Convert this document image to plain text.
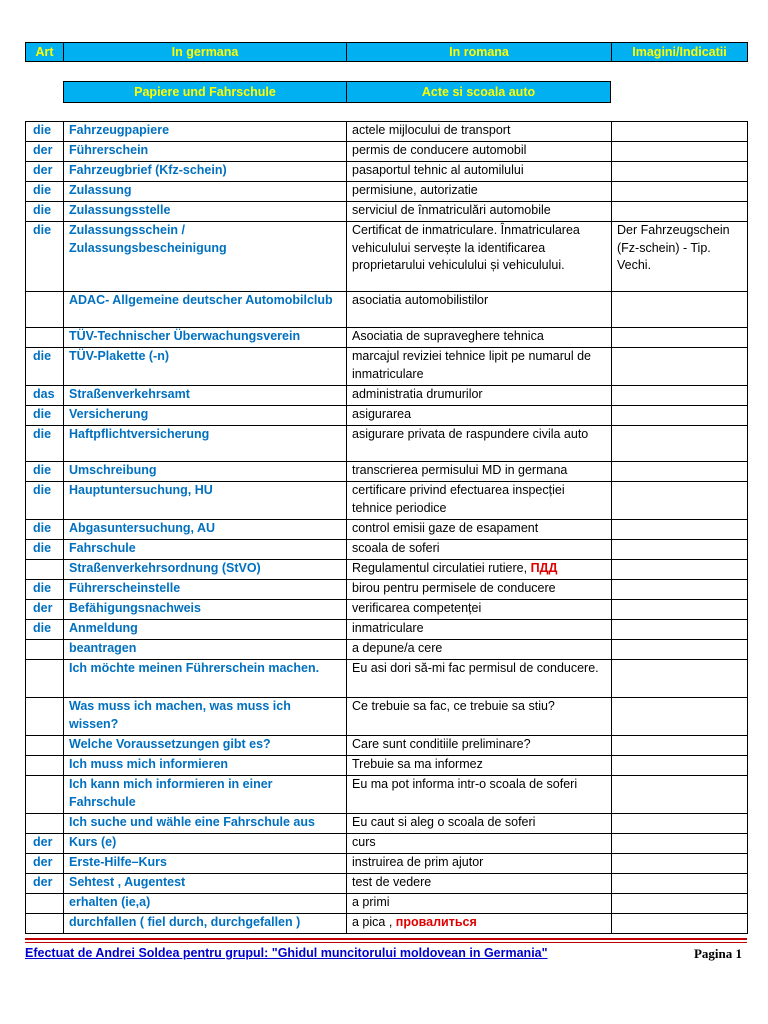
Art	In germana	In romana	Imagini/Indicatii
Papiere und Fahrschule	Acte si scoala auto
die	Fahrzeugpapiere	actele mijlocului de transport	
der	Führerschein	permis de conducere automobil	
der	Fahrzeugbrief (Kfz-schein)	pasaportul tehnic al automilului	
die	Zulassung	permisiune, autorizatie	
die	Zulassungsstelle	serviciul de înmatriculări automobile	
die	Zulassungsschein / Zulassungsbescheinigung	Certificat de inmatriculare. Înmatricularea vehiculului servește la identificarea proprietarului vehiculului și vehiculului.	Der Fahrzeugschein (Fz-schein) - Tip. Vechi.
	ADAC- Allgemeine deutscher Automobilclub	asociatia automobilistilor	
	TÜV-Technischer Überwachungsverein	Asociatia de supraveghere tehnica	
die	TÜV-Plakette (-n)	marcajul reviziei tehnice lipit pe numarul de inmatriculare	
das	Straßenverkehrsamt	administratia drumurilor	
die	Versicherung	asigurarea	
die	Haftpflichtversicherung	asigurare privata de raspundere civila auto	
die	Umschreibung	transcrierea permisului MD in germana	
die	Hauptuntersuchung, HU	certificare privind efectuarea inspecției tehnice periodice	
die	Abgasuntersuchung, AU	control emisii gaze de esapament	
die	Fahrschule	scoala de soferi	
	Straßenverkehrsordnung (StVO)	Regulamentul circulatiei rutiere, ПДД	
die	Führerscheinstelle	birou pentru permisele de conducere	
der	Befähigungsnachweis	verificarea competenței	
die	Anmeldung	inmatriculare	
	beantragen	a depune/a cere	
	Ich möchte meinen Führerschein machen.	Eu asi dori să-mi fac permisul de conducere.	
	Was muss ich machen, was muss ich wissen?	Ce trebuie sa fac, ce trebuie sa stiu?	
	Welche Voraussetzungen gibt es?	Care sunt conditiile preliminare?	
	Ich muss mich informieren	Trebuie sa ma informez	
	Ich kann mich informieren in einer Fahrschule	Eu ma pot informa intr-o scoala de soferi	
	Ich suche und wähle eine Fahrschule aus	Eu caut si aleg o scoala de soferi	
der	Kurs (e)	curs	
der	Erste-Hilfe–Kurs	instruirea de prim ajutor	
der	Sehtest , Augentest	test de vedere	
	erhalten (ie,a)	a primi	
	durchfallen ( fiel durch, durchgefallen )	a pica , провалиться	
Efectuat de Andrei Soldea pentru grupul: "Ghidul muncitorului moldovean in Germania"	Pagina 1
